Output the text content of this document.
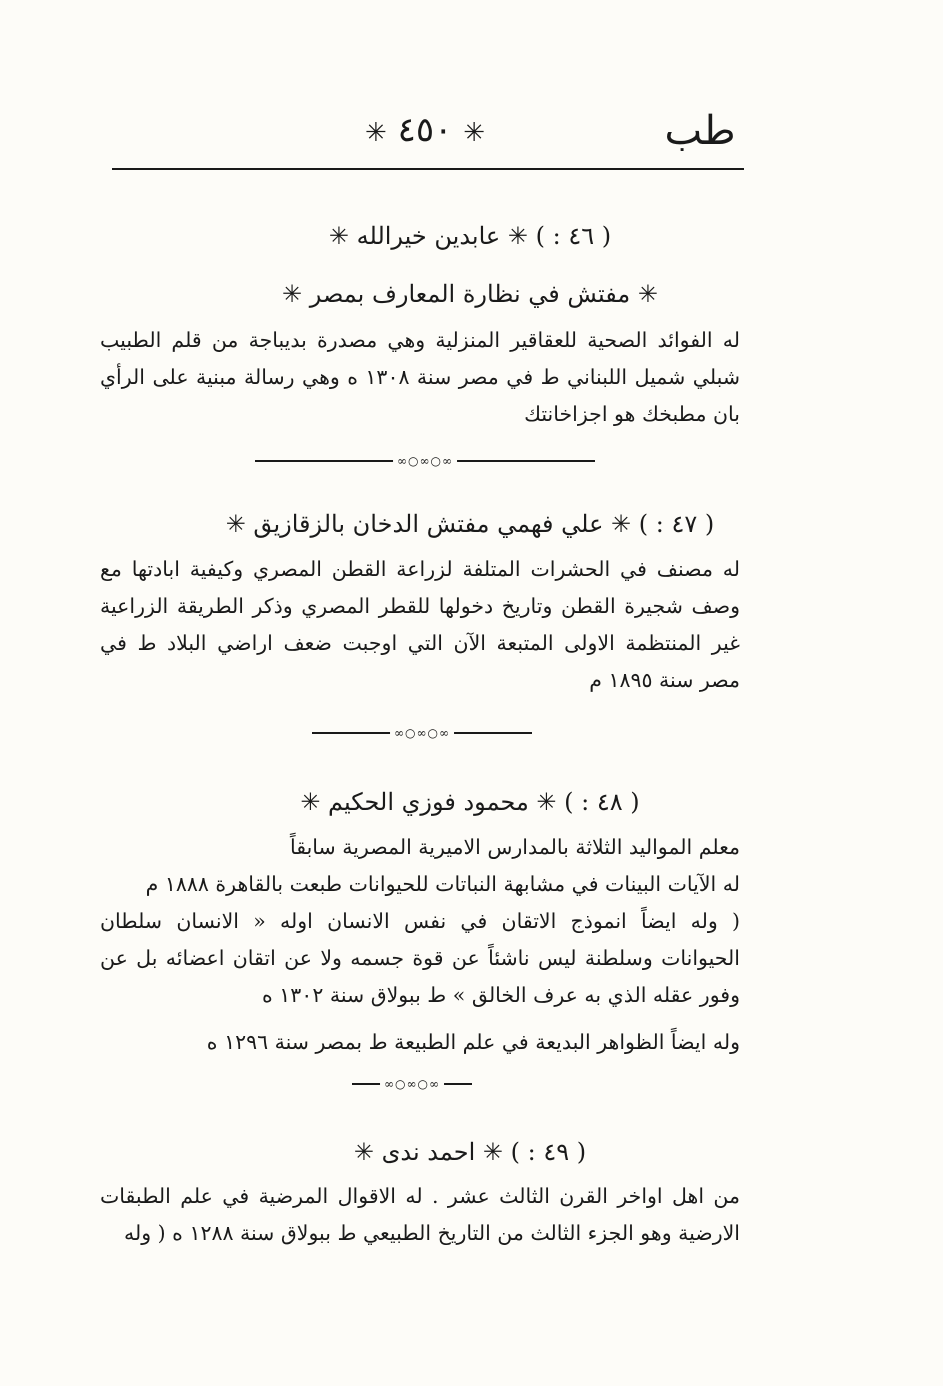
طب
✳ ٤٥٠ ✳
( ٤٦ : ) ✳ عابدين خيرالله ✳
✳ مفتش في نظارة المعارف بمصر ✳

له الفوائد الصحية للعقاقير المنزلية وهي مصدرة بديباجة من قلم الطبيب شبلي شميل اللبناني ط في مصر سنة ١٣٠٨ ه وهي رسالة مبنية على الرأي بان مطبخك هو اجزاخانتك

∞○∞○∞
( ٤٧ : ) ✳ علي فهمي مفتش الدخان بالزقازيق ✳

له مصنف في الحشرات المتلفة لزراعة القطن المصري وكيفية ابادتها مع وصف شجيرة القطن وتاريخ دخولها للقطر المصري وذكر الطريقة الزراعية غير المنتظمة الاولى المتبعة الآن التي اوجبت ضعف اراضي البلاد ط في مصر سنة ١٨٩٥ م

∞○∞○∞
( ٤٨ : ) ✳ محمود فوزي الحكيم ✳

معلم المواليد الثلاثة بالمدارس الاميرية المصرية سابقاً

له الآيات البينات في مشابهة النباتات للحيوانات طبعت بالقاهرة ١٨٨٨ م

( وله ايضاً انموذج الاتقان في نفس الانسان اوله « الانسان سلطان الحيوانات وسلطنة ليس ناشئاً عن قوة جسمه ولا عن اتقان اعضائه بل عن وفور عقله الذي به عرف الخالق » ط ببولاق سنة ١٣٠٢ ه

وله ايضاً الظواهر البديعة في علم الطبيعة ط بمصر سنة ١٢٩٦ ه

∞○∞○∞
( ٤٩ : ) ✳ احمد ندى ✳

من اهل اواخر القرن الثالث عشر . له الاقوال المرضية في علم الطبقات الارضية وهو الجزء الثالث من التاريخ الطبيعي ط ببولاق سنة ١٢٨٨ ه ( وله
